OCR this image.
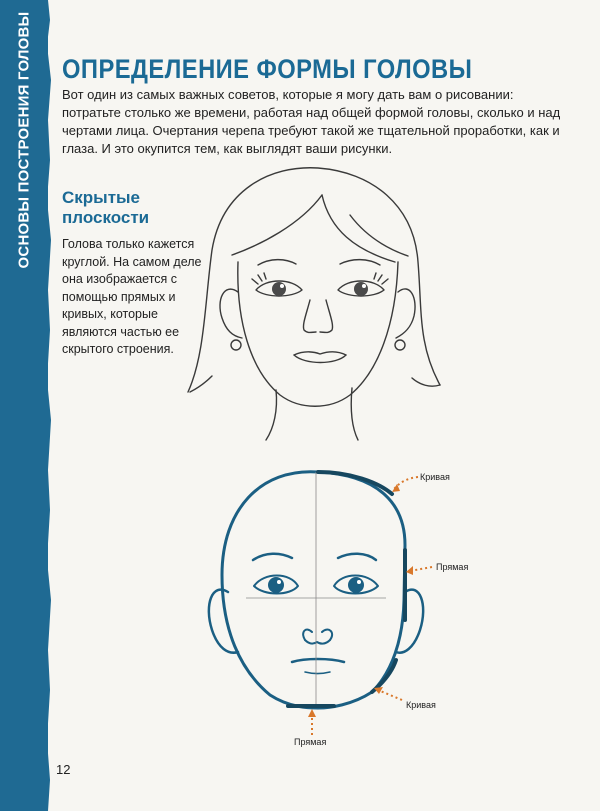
ОСНОВЫ ПОСТРОЕНИЯ ГОЛОВЫ ОПРЕДЕЛЕНИЕ ФОРМЫ ГОЛОВЫ

Вот один из самых важных советов, которые я могу дать вам о рисовании: потратьте столько же времени, работая над общей формой головы, сколько и над чертами лица. Очертания черепа требуют такой же тщательной проработки, как и глаза. И это окупится тем, как выглядят ваши рисунки.

Скрытые плоскости

Голова только кажется круглой. На самом деле она изображается с помощью прямых и кривых, которые являются частью ее скрытого строения.

Кривая
Прямая
Кривая
Прямая
12
